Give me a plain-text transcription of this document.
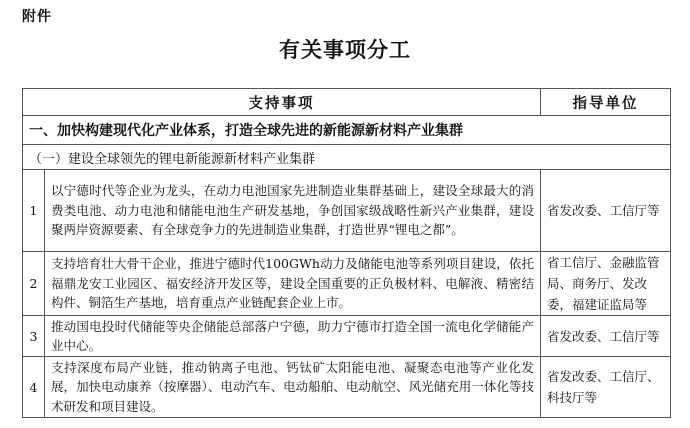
附件
有关事项分工
支持事项		指导单位
一、加快构建现代化产业体系，打造全球先进的新能源新材料产业集群		
（一）建设全球领先的锂电新能源新材料产业集群		
1	以宁德时代等企业为龙头，在动力电池国家先进制造业集群基础上，建设全球最大的消费类电池、动力电池和储能电池生产研发基地，争创国家级战略性新兴产业集群，建设聚两岸资源要素、有全球竞争力的先进制造业集群，打造世界“锂电之都”。	省发改委、工信厅等
2	支持培育壮大骨干企业，推进宁德时代100GWh动力及储能电池等系列项目建设，依托福鼎龙安工业园区、福安经济开发区等，建设全国重要的正负极材料、电解液、精密结构件、铜箔生产基地，培育重点产业链配套企业上市。	省工信厅、金融监管局、商务厅、发改委，福建证监局等
3	推动国电投时代储能等央企储能总部落户宁德，助力宁德市打造全国一流电化学储能产业中心。	省发改委、工信厅等
4	支持深度布局产业链，推动钠离子电池、钙钛矿太阳能电池、凝聚态电池等产业化发展，加快电动康养（按摩器）、电动汽车、电动船舶、电动航空、风光储充用一体化等技术研发和项目建设。	省发改委、工信厅、科技厅等
